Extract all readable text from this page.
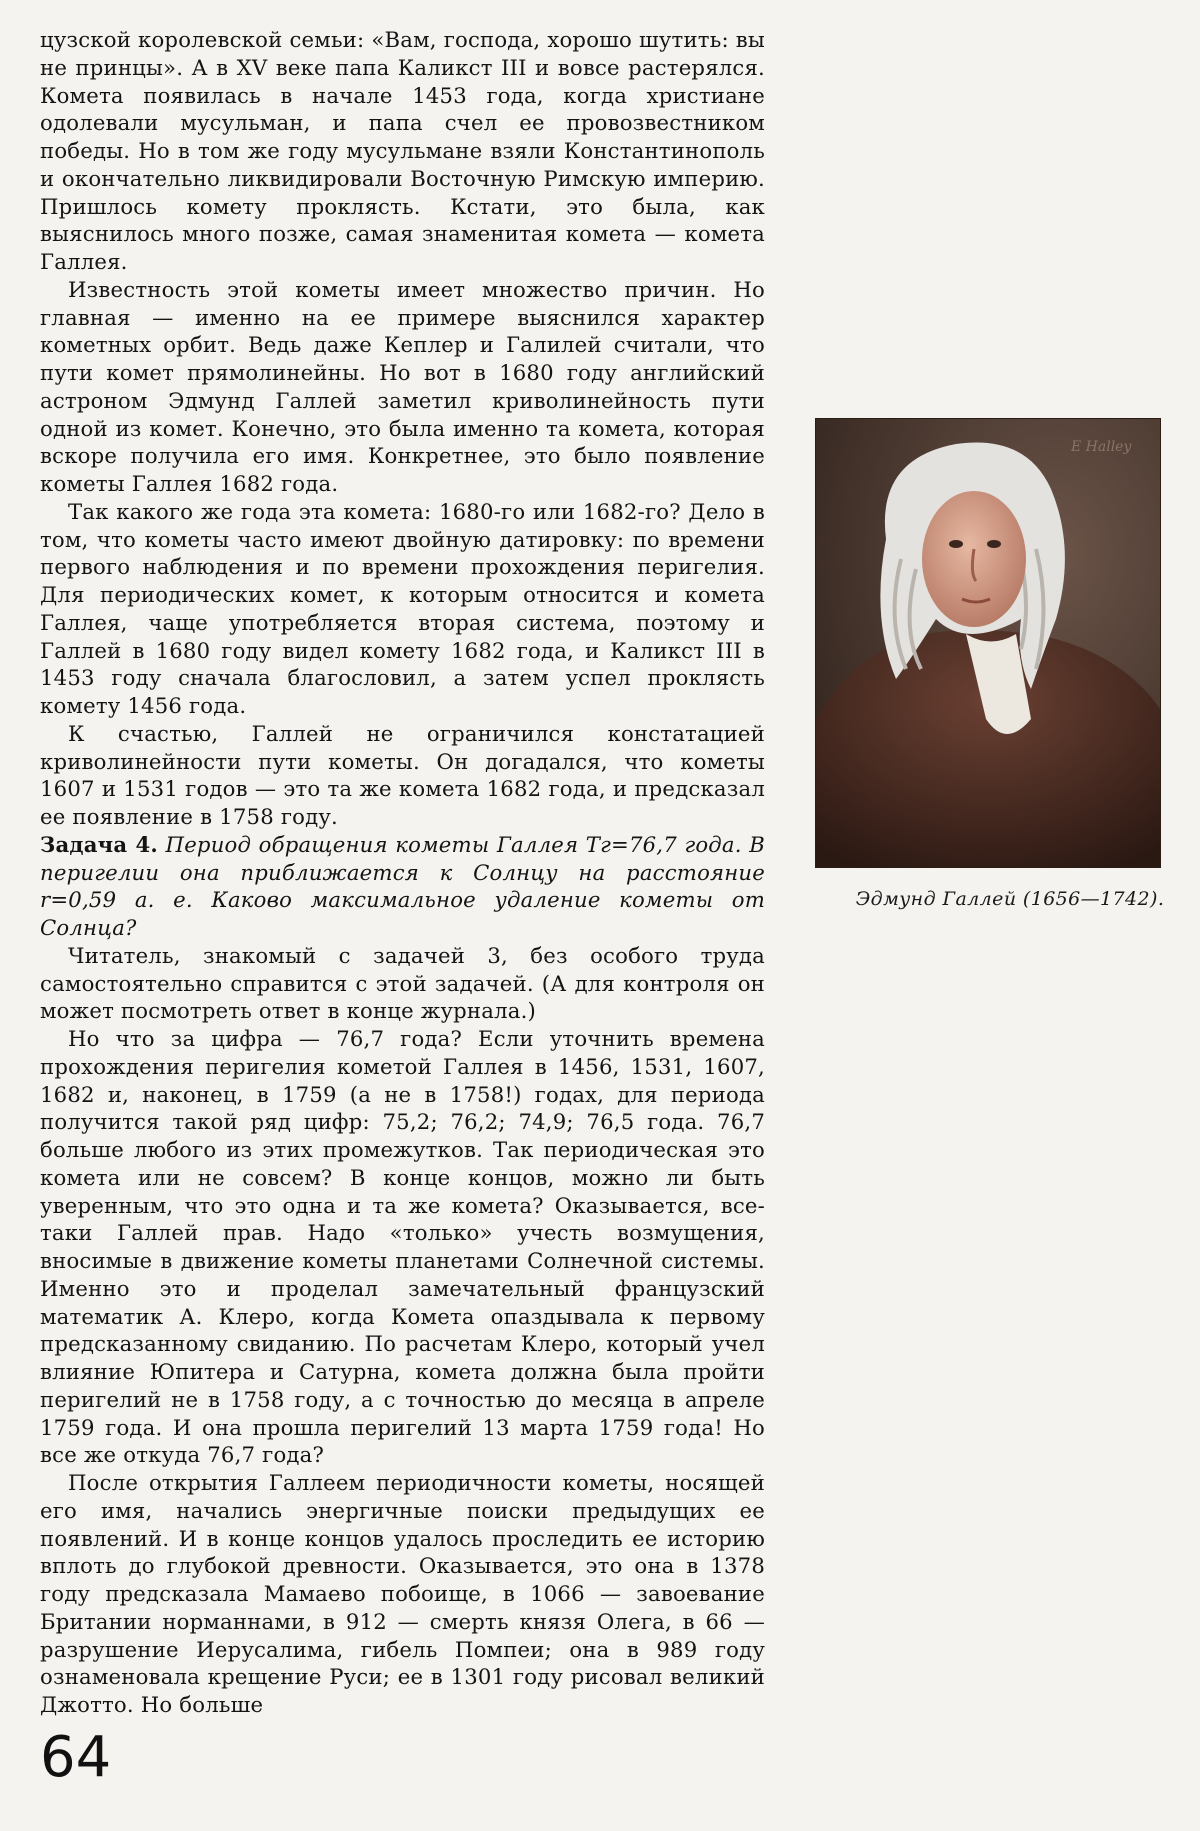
цузской королевской семьи: «Вам, господа, хорошо шутить: вы не принцы». А в XV веке папа Каликст III и вовсе растерялся. Комета появилась в начале 1453 года, когда христиане одолевали мусульман, и папа счел ее провозвестником победы. Но в том же году мусульмане взяли Константинополь и окончательно ликвидировали Восточную Римскую империю. Пришлось комету проклясть. Кстати, это была, как выяснилось много позже, самая знаменитая комета — комета Галлея.

Известность этой кометы имеет множество причин. Но главная — именно на ее примере выяснился характер кометных орбит. Ведь даже Кеплер и Галилей считали, что пути комет прямолинейны. Но вот в 1680 году английский астроном Эдмунд Галлей заметил криволинейность пути одной из комет. Конечно, это была именно та комета, которая вскоре получила его имя. Конкретнее, это было появление кометы Галлея 1682 года.

Так какого же года эта комета: 1680-го или 1682-го? Дело в том, что кометы часто имеют двойную датировку: по времени первого наблюдения и по времени прохождения перигелия. Для периодических комет, к которым относится и комета Галлея, чаще употребляется вторая система, поэтому и Галлей в 1680 году видел комету 1682 года, и Каликст III в 1453 году сначала благословил, а затем успел проклясть комету 1456 года.

К счастью, Галлей не ограничился констатацией криволинейности пути кометы. Он догадался, что кометы 1607 и 1531 годов — это та же комета 1682 года, и предсказал ее появление в 1758 году.

Задача 4. Период обращения кометы Галлея Tг=76,7 года. В перигелии она приближается к Солнцу на расстояние r=0,59 а. е. Каково максимальное удаление кометы от Солнца?

Читатель, знакомый с задачей 3, без особого труда самостоятельно справится с этой задачей. (А для контроля он может посмотреть ответ в конце журнала.)

Но что за цифра — 76,7 года? Если уточнить времена прохождения перигелия кометой Галлея в 1456, 1531, 1607, 1682 и, наконец, в 1759 (а не в 1758!) годах, для периода получится такой ряд цифр: 75,2; 76,2; 74,9; 76,5 года. 76,7 больше любого из этих промежутков. Так периодическая это комета или не совсем? В конце концов, можно ли быть уверенным, что это одна и та же комета? Оказывается, все-таки Галлей прав. Надо «только» учесть возмущения, вносимые в движение кометы планетами Солнечной системы. Именно это и проделал замечательный французский математик А. Клеро, когда Комета опаздывала к первому предсказанному свиданию. По расчетам Клеро, который учел влияние Юпитера и Сатурна, комета должна была пройти перигелий не в 1758 году, а с точностью до месяца в апреле 1759 года. И она прошла перигелий 13 марта 1759 года! Но все же откуда 76,7 года?

После открытия Галлеем периодичности кометы, носящей его имя, начались энергичные поиски предыдущих ее появлений. И в конце концов удалось проследить ее историю вплоть до глубокой древности. Оказывается, это она в 1378 году предсказала Мамаево побоище, в 1066 — завоевание Британии норманнами, в 912 — смерть князя Олега, в 66 — разрушение Иерусалима, гибель Помпеи; она в 989 году ознаменовала крещение Руси; ее в 1301 году рисовал великий Джотто. Но больше

E Halley
Эдмунд Галлей (1656—1742).
64
